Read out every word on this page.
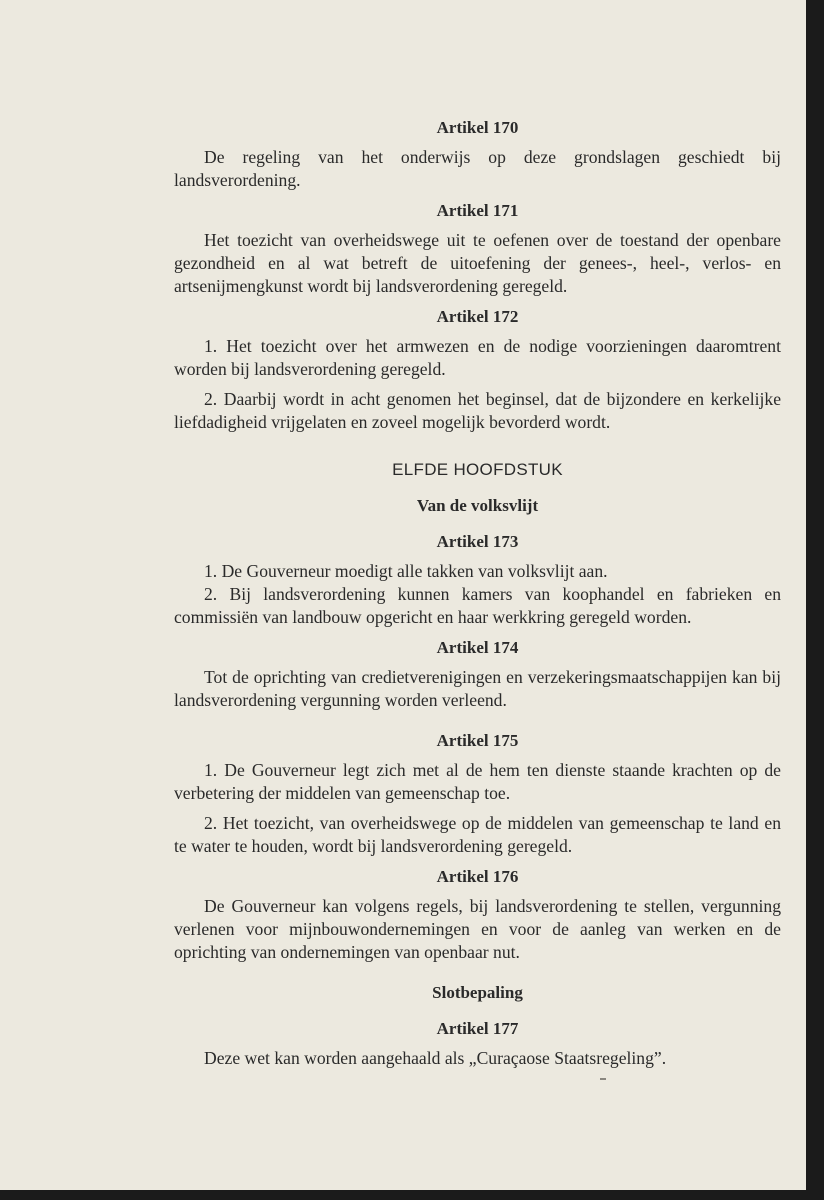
Artikel 170

De regeling van het onderwijs op deze grondslagen geschiedt bij landsverordening.

Artikel 171

Het toezicht van overheidswege uit te oefenen over de toestand der openbare gezondheid en al wat betreft de uitoefening der genees-, heel-, verlos- en artsenijmengkunst wordt bij landsverordening geregeld.

Artikel 172

1. Het toezicht over het armwezen en de nodige voorzieningen daaromtrent worden bij landsverordening geregeld.

2. Daarbij wordt in acht genomen het beginsel, dat de bijzondere en kerkelijke liefdadigheid vrijgelaten en zoveel mogelijk bevorderd wordt.

ELFDE HOOFDSTUK

Van de volksvlijt

Artikel 173

1. De Gouverneur moedigt alle takken van volksvlijt aan.

2. Bij landsverordening kunnen kamers van koophandel en fabrieken en commissiën van landbouw opgericht en haar werkkring geregeld worden.

Artikel 174

Tot de oprichting van credietverenigingen en verzekeringsmaatschappijen kan bij landsverordening vergunning worden verleend.

Artikel 175

1. De Gouverneur legt zich met al de hem ten dienste staande krachten op de verbetering der middelen van gemeenschap toe.

2. Het toezicht, van overheidswege op de middelen van gemeenschap te land en te water te houden, wordt bij landsverordening geregeld.

Artikel 176

De Gouverneur kan volgens regels, bij landsverordening te stellen, vergunning verlenen voor mijnbouwondernemingen en voor de aanleg van werken en de oprichting van ondernemingen van openbaar nut.

Slotbepaling

Artikel 177

Deze wet kan worden aangehaald als „Curaçaose Staatsregeling”.
